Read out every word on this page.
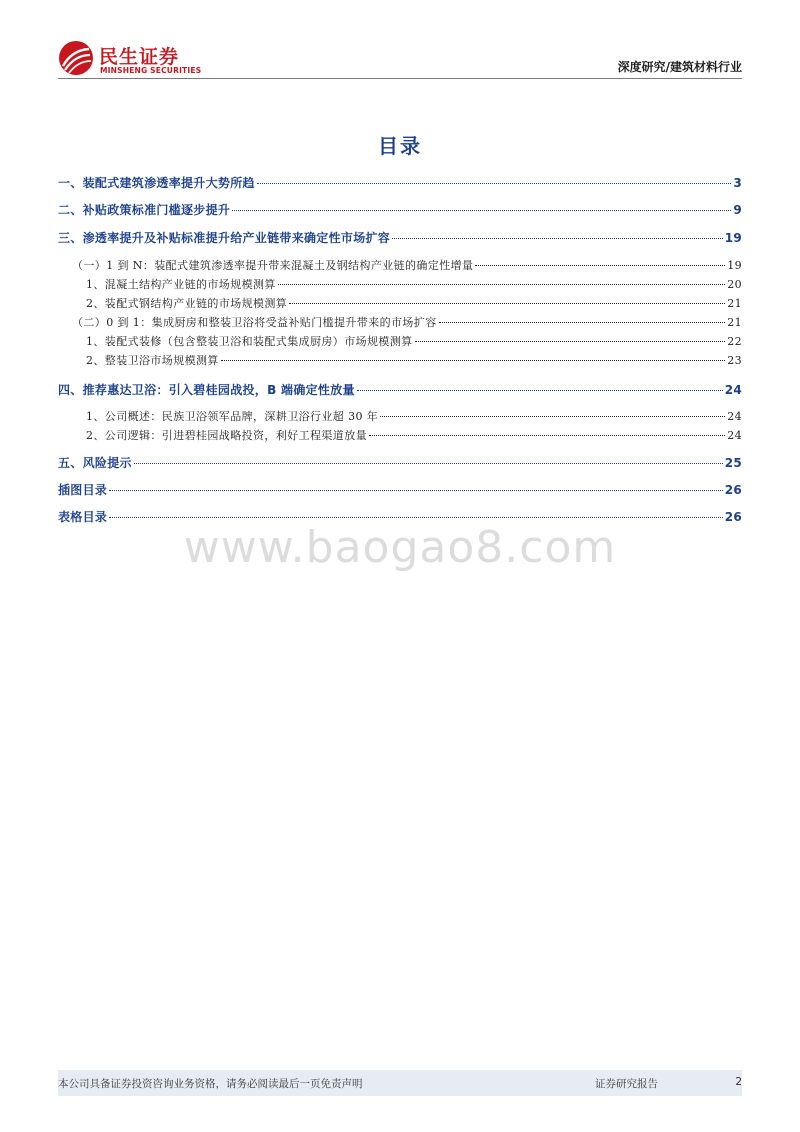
民生证券
MINSHENG SECURITIES	深度研究/建筑材料行业
目录
一、装配式建筑渗透率提升大势所趋	3
二、补贴政策标准门槛逐步提升	9
三、渗透率提升及补贴标准提升给产业链带来确定性市场扩容	19
（一）1 到 N：装配式建筑渗透率提升带来混凝土及钢结构产业链的确定性增量	19
1、混凝土结构产业链的市场规模测算	20
2、装配式钢结构产业链的市场规模测算	21
（二）0 到 1：集成厨房和整装卫浴将受益补贴门槛提升带来的市场扩容	21
1、装配式装修（包含整装卫浴和装配式集成厨房）市场规模测算	22
2、整装卫浴市场规模测算	23
四、推荐惠达卫浴：引入碧桂园战投，B 端确定性放量	24
1、公司概述：民族卫浴领军品牌，深耕卫浴行业超 30 年	24
2、公司逻辑：引进碧桂园战略投资，利好工程渠道放量	24
五、风险提示	25
插图目录	26
表格目录	26
www.baogao8.com
本公司具备证券投资咨询业务资格，请务必阅读最后一页免责声明	证券研究报告	2
